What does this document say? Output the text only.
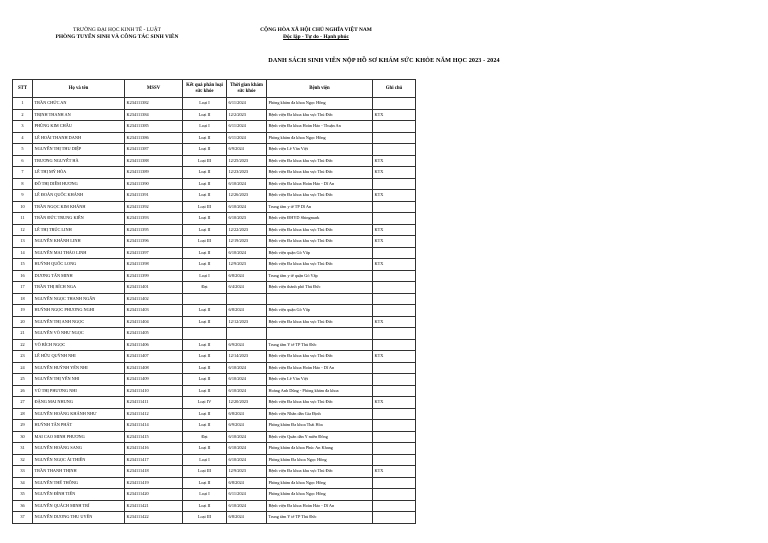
TRƯỜNG ĐẠI HỌC KINH TẾ - LUẬT
PHÒNG TUYỂN SINH VÀ CÔNG TÁC SINH VIÊN
CỘNG HÒA XÃ HỘI CHỦ NGHĨA VIỆT NAM
Độc lập - Tự do - Hạnh phúc
DANH SÁCH SINH VIÊN NỘP HỒ SƠ KHÁM SỨC KHỎE NĂM HỌC 2023 - 2024
STT	Họ và tên	MSSV	Kết quả phân loại sức khỏe	Thời gian khám sức khỏe	Bệnh viện	Ghi chú
1	TRẦN CHỨC AN	K234111382	Loại I	6/11/2024	Phòng khám đa khoa Ngọc Hồng	
2	TRỊNH THANH AN	K234111384	Loại II	12/2/2023	Bệnh viện Đa khoa khu vực Thủ Đức	KTX
3	PHÙNG KIM CHÂU	K234111385	Loại I	6/11/2024	Bệnh viện Đa khoa Hoàn Hảo - Thuận An	
4	LÊ HOÀI THANH DANH	K234111386	Loại II	6/11/2024	Phòng khám đa khoa Ngọc Hồng	
5	NGUYỄN THỊ THU DIỆP	K234111387	Loại II	6/9/2024	Bệnh viện Lê Văn Việt	
6	TRƯƠNG NGUYỄT HÀ	K234111388	Loại III	12/25/2023	Bệnh viện Đa khoa khu vực Thủ Đức	KTX
7	LÊ THỊ MỸ HÒA	K234111389	Loại II	12/23/2023	Bệnh viện Đa khoa khu vực Thủ Đức	KTX
8	ĐỖ THỊ DIỄM HƯƠNG	K234111390	Loại II	6/10/2024	Bệnh viện Đa khoa Hoàn Hảo - Dĩ An	
9	LÊ ĐOÀN QUỐC KHÁNH	K234111391	Loại II	12/26/2023	Bệnh viện Đa khoa khu vực Thủ Đức	KTX
10	TRẦN NGỌC KIM KHÁNH	K234111392	Loại III	6/10/2024	Trung tâm y tế TP Dĩ An	
11	TRẦN ĐỨC TRUNG KIÊN	K234111393	Loại II	6/10/2023	Bệnh viện ĐHYD Shingmark	
12	LÊ THỊ TRÚC LINH	K234111395	Loại II	12/22/2023	Bệnh viện Đa khoa khu vực Thủ Đức	KTX
13	NGUYỄN KHÁNH LINH	K234111396	Loại III	12/19/2023	Bệnh viện Đa khoa khu vực Thủ Đức	KTX
14	NGUYỄN MAI THẢO LINH	K234111397	Loại II	6/10/2024	Bệnh viện quận Gò Vấp	
15	HUỲNH QUỐC LONG	K234111398	Loại II	12/9/2023	Bệnh viện Đa khoa khu vực Thủ Đức	KTX
16	DƯƠNG TẤN MINH	K234111399	Loại I	6/8/2024	Trung tâm y tế quận Gò Vấp	
17	TRẦN THỊ BÍCH NGA	K234111401	Đạt	6/4/2024	Bệnh viện thành phố Thủ Đức	
18	NGUYỄN NGỌC THANH NGÂN	K234111402				
19	HUỲNH NGỌC PHƯƠNG NGHI	K234111403	Loại II	6/8/2024	Bệnh viện quận Gò Vấp	
20	NGUYỄN THỊ ANH NGỌC	K234111404	Loại II	12/12/2023	Bệnh viện Đa khoa khu vực Thủ Đức	KTX
21	NGUYỄN VÕ NHƯ NGỌC	K234111405				
22	VÕ BÍCH NGỌC	K234111406	Loại II	6/9/2024	Trung tâm Y tế TP Thủ Đức	
23	LÊ HỮU QUỲNH NHI	K234111407	Loại II	12/14/2023	Bệnh viện Đa khoa khu vực Thủ Đức	KTX
24	NGUYỄN HUỲNH YẾN NHI	K234111408	Loại II	6/10/2024	Bệnh viện Đa khoa Hoàn Hảo - Dĩ An	
25	NGUYỄN THỊ YẾN NHI	K234111409	Loại II	6/10/2024	Bệnh viện Lê Văn Việt	
26	VŨ THỊ PHƯƠNG NHI	K234111410	Loại II	6/10/2024	Hoàng Anh Dũng - Phòng khám đa khoa	
27	ĐẶNG MAI NHUNG	K234111411	Loại IV	12/20/2023	Bệnh viện Đa khoa khu vực Thủ Đức	KTX
28	NGUYỄN HOÀNG KHÁNH NHƯ	K234111412	Loại II	6/8/2024	Bệnh viện Nhân dân Gia Định	
29	HUỲNH TẤN PHÁT	K234111414	Loại II	6/9/2024	Phòng khám Đa khoa Thái Hòa	
30	MAI CAO MINH PHƯƠNG	K234111415	Đạt	6/10/2024	Bệnh viện Quân dân Y miền Đông	
31	NGUYỄN HOÀNG SANG	K234111416	Loại II	6/10/2024	Phòng khám đa khoa Phúc An Khang	
32	NGUYỄN NGỌC ÁI THIÊN	K234111417	Loại I	6/10/2024	Phòng khám Đa khoa Ngọc Hồng	
33	TRẦN THANH THỊNH	K234111418	Loại III	12/9/2023	Bệnh viện Đa khoa khu vực Thủ Đức	KTX
34	NGUYỄN THẾ THÔNG	K234111419	Loại II	6/8/2024	Phòng khám đa khoa Ngọc Hồng	
35	NGUYỄN ĐÌNH TIẾN	K234111420	Loại I	6/11/2024	Phòng khám đa khoa Ngọc Hồng	
36	NGUYỄN QUÁCH MINH TRÍ	K234111421	Loại II	6/10/2024	Bệnh viện Đa khoa Hoàn Hảo - Dĩ An	
37	NGUYỄN DƯƠNG THU UYÊN	K234111422	Loại III	6/8/2024	Trung tâm Y tế TP Thủ Đức	
